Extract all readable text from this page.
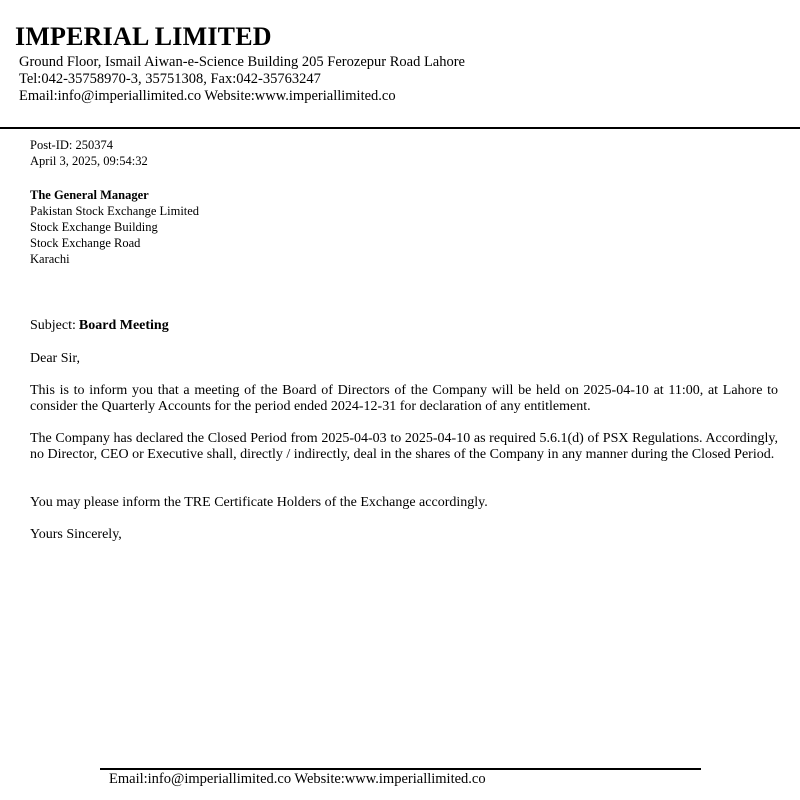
IMPERIAL LIMITED
Ground Floor, Ismail Aiwan-e-Science Building 205 Ferozepur Road Lahore
Tel:042-35758970-3, 35751308, Fax:042-35763247
Email:info@imperiallimited.co Website:www.imperiallimited.co
Post-ID: 250374
April 3, 2025, 09:54:32
The General Manager
Pakistan Stock Exchange Limited
Stock Exchange Building
Stock Exchange Road
Karachi
Subject: Board Meeting
Dear Sir,
This is to inform you that a meeting of the Board of Directors of the Company will be held on 2025-04-10 at 11:00, at Lahore to consider the Quarterly Accounts for the period ended 2024-12-31 for declaration of any entitlement.
The Company has declared the Closed Period from 2025-04-03 to 2025-04-10 as required 5.6.1(d) of PSX Regulations. Accordingly, no Director, CEO or Executive shall, directly / indirectly, deal in the shares of the Company in any manner during the Closed Period.
You may please inform the TRE Certificate Holders of the Exchange accordingly.
Yours Sincerely,
Email:info@imperiallimited.co Website:www.imperiallimited.co
